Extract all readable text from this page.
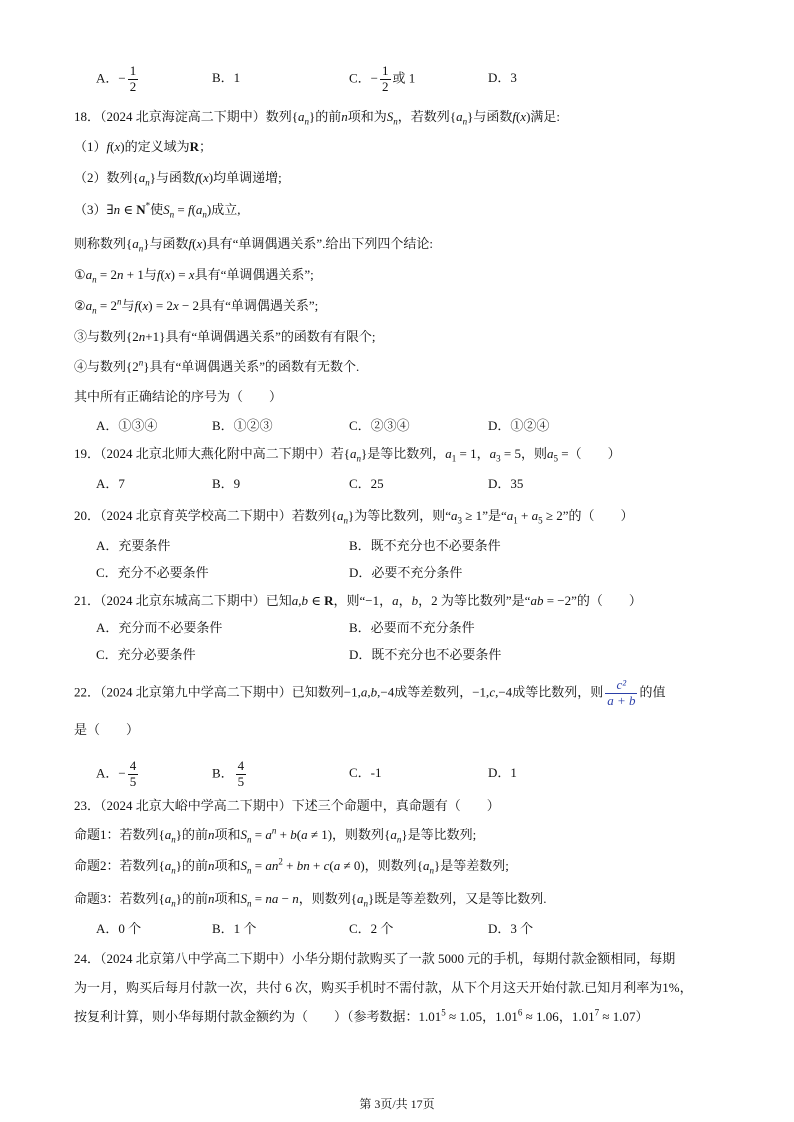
A．− $\frac{1}{2}$	B．1	C．− $\frac{1}{2}$ 或 1	D．3
18．（2024 北京海淀高二下期中）数列$\{a_n\}$的前n项和为$S_n$，若数列$\{a_n\}$与函数f(x)满足:
（1）f(x)的定义域为R；
（2）数列$\{a_n\}$与函数f(x)均单调递增;
（3）∃n ∈ N*使$S_n = f(a_n)$成立,
则称数列$\{a_n\}$与函数f(x)具有“单调偶遇关系”.给出下列四个结论:
$①a_n = 2n + 1$与f(x) = x具有“单调偶遇关系”;
$②a_n = 2^n$与f(x) = 2x − 2具有“单调偶遇关系”;
③与数列{2n+1}具有“单调偶遇关系”的函数有有限个;
④与数列{2$^n$}具有“单调偶遇关系”的函数有无数个.
其中所有正确结论的序号为（　　）
A．①③④	B．①②③	C．②③④	D．①②④
19．（2024 北京北师大燕化附中高二下期中）若$\{a_n\}$是等比数列，$a_1 = 1$，$a_3 = 5$，则$a_5$ =（　　）
A．7	B．9	C．25	D．35
20．（2024 北京育英学校高二下期中）若数列$\{a_n\}$为等比数列，则“$a_3 \ge 1$”是“$a_1 + a_5 \ge 2$”的（　　）
A．充要条件	B．既不充分也不必要条件
C．充分不必要条件	D．必要不充分条件
21．（2024 北京东城高二下期中）已知a,b ∈ R，则“−1，a，b，2 为等比数列”是“ab = −2”的（　　）
A．充分而不必要条件	B．必要而不充分条件
C．充分必要条件	D．既不充分也不必要条件
22．（2024 北京第九中学高二下期中）已知数列−1,a,b,−4成等差数列，−1,c,−4成等比数列，则 $\frac{\text{c²}}{a + b}$ 的值
是（　　）
A．− $\frac{4}{5}$	B． $\frac{4}{5}$	C．-1	D．1
23．（2024 北京大峪中学高二下期中）下述三个命题中，真命题有（　　）
命题1：若数列$\{a_n\}$的前n项和$S_n = a^n + b(a \ne 1)$，则数列$\{a_n\}$是等比数列;
命题2：若数列$\{a_n\}$的前n项和$S_n = an^2$ + bn + c(a ≠ 0)，则数列$\{a_n\}$是等差数列;
命题3：若数列$\{a_n\}$的前n项和$S_n$ = na − n，则数列$\{a_n\}$既是等差数列，又是等比数列.
A．0 个	B．1 个	C．2 个	D．3 个
24．（2024 北京第八中学高二下期中）小华分期付款购买了一款 5000 元的手机，每期付款金额相同，每期
为一月，购买后每月付款一次，共付 6 次，购买手机时不需付款，从下个月这天开始付款.已知月利率为1%，
按复利计算，则小华每期付款金额约为（　　）（参考数据：$1.01^5 \approx 1.05$，$1.01^6 \approx 1.06$，$1.01^7 \approx 1.07$）
第 3页/共 17页
